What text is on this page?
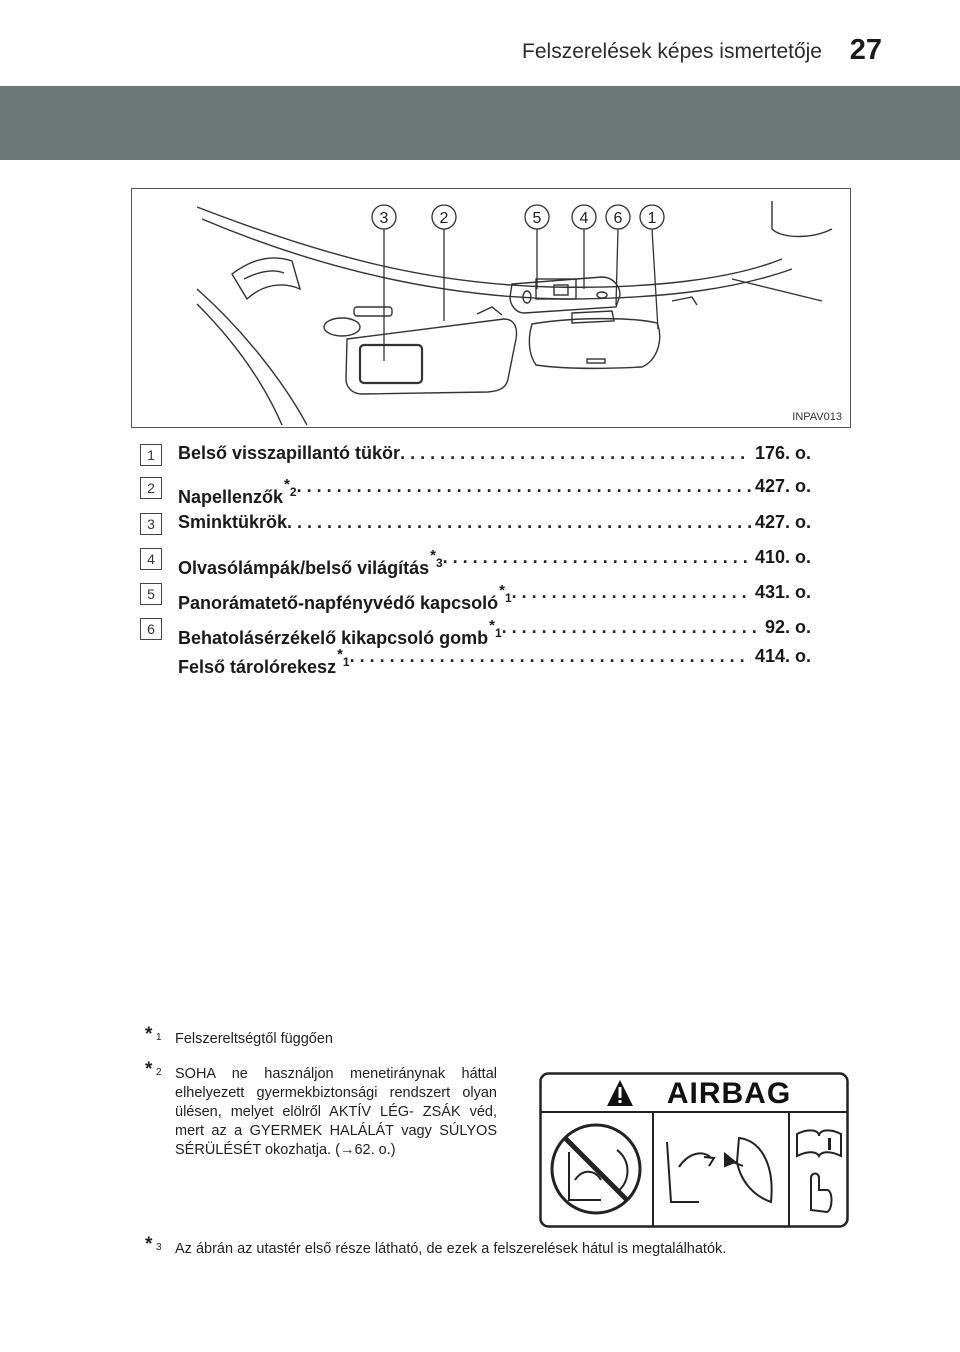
Felszerelések képes ismertetője 27
3	2	5 4 6 1
INPAV013
1	Belső visszapillantó tükör . . .	176. o.
2	Napellenzők$^{*2}$ . . .	427. o.
3	Sminktükrök . . .	427. o.
4	Olvasólámpák/belső világítás$^{*3}$ . . .	410. o.
5	Panorámatető-napfényvédő kapcsoló$^{*1}$ . . .	431. o.
6	Behatolásérzékelő kikapcsoló gomb$^{*1}$ . . .	92. o.
Felső tárolórekesz$^{*1}$ . . .	414. o.
* 1 Felszereltségtől függően
* 2 SOHA ne használjon menetiránynak háttal elhelyezett gyermekbiztonsági rendszert olyan ülésen, melyet elölről AKTÍV LÉG- ZSÁK véd, mert az a GYERMEK HALÁLÁT vagy SÚLYOS SÉRÜLÉSÉT okozhatja. (→62. o.)
* 3 Az ábrán az utastér első része látható, de ezek a felszerelések hátul is megtalálhatók.
AIRBAG
